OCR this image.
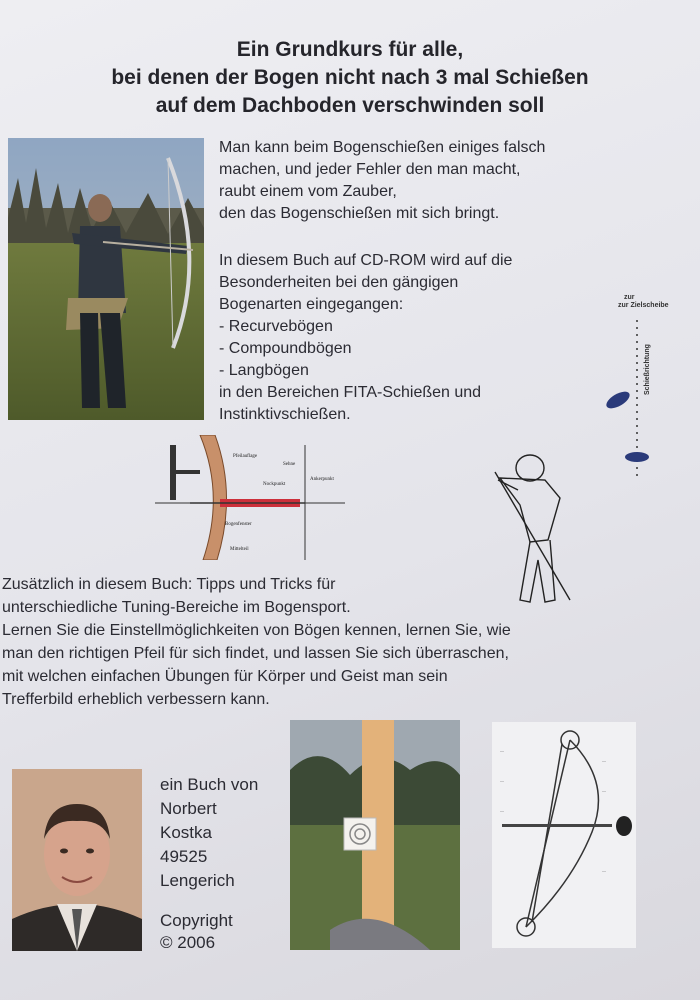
Ein Grundkurs für alle,
bei denen der Bogen nicht nach 3 mal Schießen
auf dem Dachboden verschwinden soll
Man kann beim Bogenschießen einiges falsch
machen, und jeder Fehler den man macht,
raubt einem vom Zauber,
den das Bogenschießen mit sich bringt.
In diesem Buch auf CD-ROM wird auf die
Besonderheiten bei den gängigen
Bogenarten eingegangen:
- Recurvebögen
- Compoundbögen
- Langbögen
in den Bereichen FITA-Schießen und
Instinktivschießen.
zur zur Zielscheibe
Schießrichtung
Pfeilauflage
Sehne
Nockpunkt
Ankerpunkt
Bogenfenster
Mittelteil
Zusätzlich in diesem Buch: Tipps und Tricks für
unterschiedliche Tuning-Bereiche im Bogensport.
Lernen Sie die Einstellmöglichkeiten von Bögen kennen, lernen Sie, wie
man den richtigen Pfeil für sich findet, und lassen Sie sich überraschen,
mit welchen einfachen Übungen für Körper und Geist man sein
Trefferbild erheblich verbessern kann.
ein Buch von
Norbert
Kostka
49525
Lengerich
Copyright
© 2006
—
—
—
—
—
—
